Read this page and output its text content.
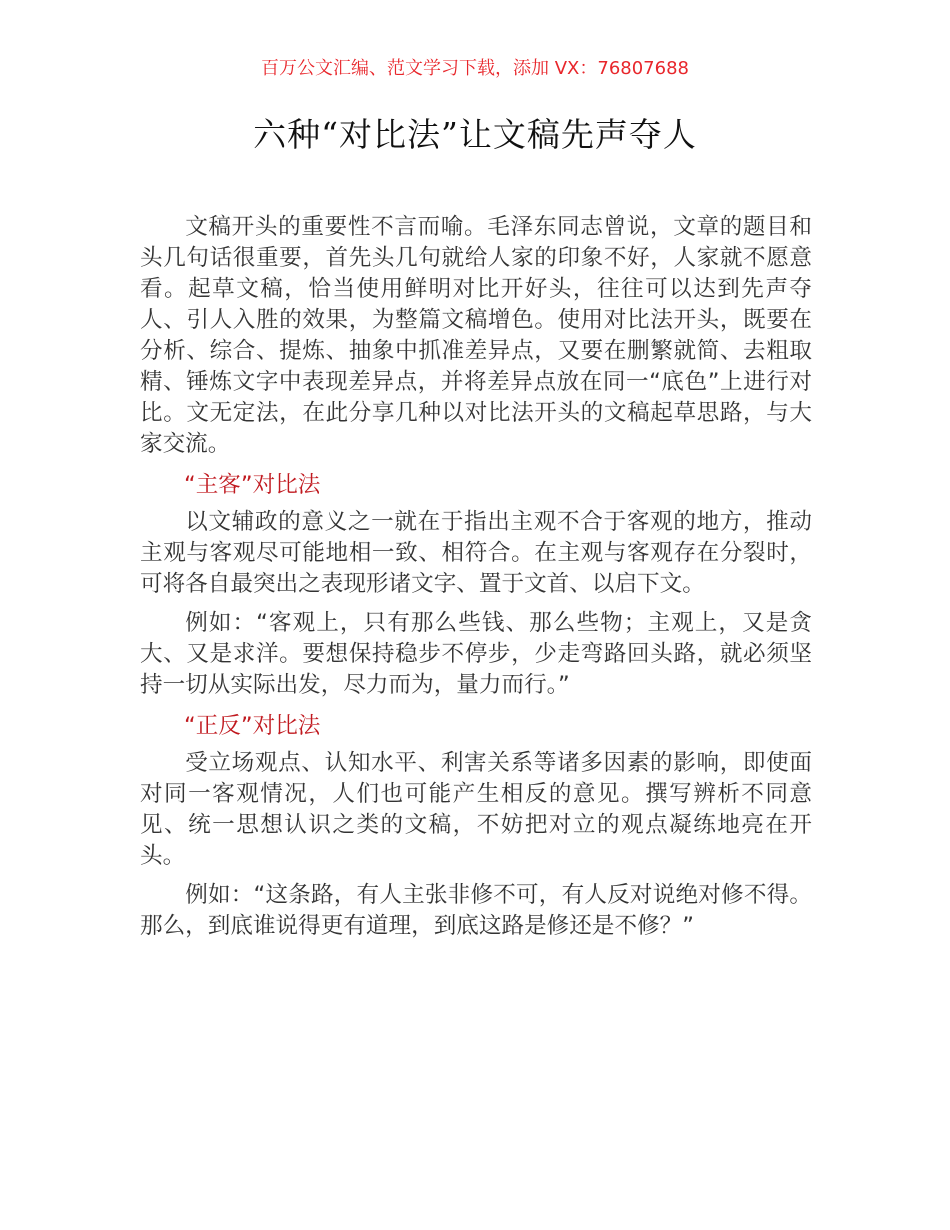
百万公文汇编、范文学习下载，添加 VX：76807688
六种“对比法”让文稿先声夺人

文稿开头的重要性不言而喻。毛泽东同志曾说，文章的题目和头几句话很重要，首先头几句就给人家的印象不好，人家就不愿意看。起草文稿，恰当使用鲜明对比开好头，往往可以达到先声夺人、引人入胜的效果，为整篇文稿增色。使用对比法开头，既要在分析、综合、提炼、抽象中抓准差异点，又要在删繁就简、去粗取精、锤炼文字中表现差异点，并将差异点放在同一“底色”上进行对比。文无定法，在此分享几种以对比法开头的文稿起草思路，与大家交流。

“主客”对比法

以文辅政的意义之一就在于指出主观不合于客观的地方，推动主观与客观尽可能地相一致、相符合。在主观与客观存在分裂时，可将各自最突出之表现形诸文字、置于文首、以启下文。

例如：“客观上，只有那么些钱、那么些物；主观上，又是贪大、又是求洋。要想保持稳步不停步，少走弯路回头路，就必须坚持一切从实际出发，尽力而为，量力而行。”

“正反”对比法

受立场观点、认知水平、利害关系等诸多因素的影响，即使面对同一客观情况，人们也可能产生相反的意见。撰写辨析不同意见、统一思想认识之类的文稿，不妨把对立的观点凝练地亮在开头。

例如：“这条路，有人主张非修不可，有人反对说绝对修不得。那么，到底谁说得更有道理，到底这路是修还是不修？”
